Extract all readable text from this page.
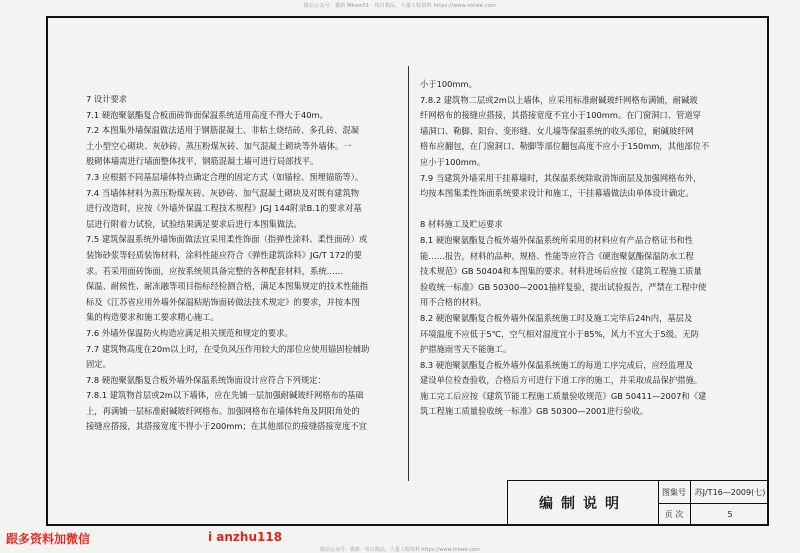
微信公众号：微新 Mkwe01 · 每日精品，大量工程资料 https://www.mkwe.com

7 设计要求

7.1 硬泡聚氨酯复合板面砖饰面保温系统适用高度不得大于40m。

7.2 本图集外墙保温做法适用于钢筋混凝土、非粘土烧结砖、多孔砖、混凝

土小型空心砌块、灰砂砖、蒸压粉煤灰砖、加气混凝土砌块等外墙体。一

般砌体墙需进行墙面整体找平，钢筋混凝土墙可进行局部找平。

7.3 应根据不同基层墙体特点确定合理的固定方式（如锚栓、预埋锚筋等）。

7.4 当墙体材料为蒸压粉煤灰砖、灰砂砖、加气混凝土砌块及对既有建筑物

进行改造时，应按《外墙外保温工程技术规程》JGJ 144附录B.1的要求对基

层进行附着力试验，试验结果满足要求后进行本图集做法。

7.5 建筑保温系统外墙饰面做法宜采用柔性饰面（指弹性涂料、柔性面砖）或

装饰砂浆等轻质装饰材料，涂料性能应符合《弹性建筑涂料》JG/T 172的要

求。若采用面砖饰面，应按系统须具备完整的各种配套材料，系统……

保温、耐候性、耐冻融等项目指标经检测合格，满足本图集规定的技术性能指

标及《江苏省应用外墙外保温粘贴饰面砖做法技术规定》的要求，并按本图

集的构造要求和施工要求精心施工。

7.6 外墙外保温防火构造应满足相关规范和规定的要求。

7.7 建筑物高度在20m以上时，在受负风压作用较大的部位应使用锚固栓辅助

固定。

7.8 硬泡聚氨酯复合板外墙外保温系统饰面设计应符合下列规定：

7.8.1 建筑物首层或2m以下墙体，应在先铺一层加强耐碱玻纤网格布的基础

上，再满铺一层标准耐碱玻纤网格布。加强网格布在墙体转角及阴阳角处的

接缝应搭接，其搭接宽度不得小于200mm；在其他部位的接缝搭接宽度不宜

小于100mm。

7.8.2 建筑物二层或2m以上墙体，应采用标准耐碱玻纤网格布满铺，耐碱玻

纤网格布的接缝应搭接，其搭接宽度不宜小于100mm。在门窗洞口、管道穿

墙洞口、勒脚、阳台、变形缝、女儿墙等保温系统的收头部位，耐碱玻纤网

格布应翻包，在门窗洞口、勒脚等部位翻包高度不应小于150mm，其他部位不

应小于100mm。

7.9 当建筑外墙采用干挂幕墙时，其保温系统除取消饰面层及加强网格布外，

均按本图集柔性饰面系统要求设计和施工，干挂幕墙做法由单体设计确定。

8 材料施工及贮运要求

8.1 硬泡聚氨酯复合板外墙外保温系统所采用的材料应有产品合格证书和性

能……报告，材料的品种、规格、性能等应符合《硬泡聚氨酯保温防水工程

技术规范》GB 50404和本图集的要求。材料进场后应按《建筑工程施工质量

验收统一标准》GB 50300—2001抽样复验，提出试验报告，严禁在工程中使

用不合格的材料。

8.2 硬泡聚氨酯复合板外墙外保温系统施工时及施工完毕后24h内，基层及

环境温度不应低于5℃，空气相对湿度宜小于85%，风力不宜大于5级。无防

护措施雨雪天不能施工。

8.3 硬泡聚氨酯复合板外墙外保温系统施工的每道工序完成后，应经监理及

建设单位检查验收，合格后方可进行下道工序的施工，并采取成品保护措施。

施工完工后应按《建筑节能工程施工质量验收规范》GB 50411—2007和《建

筑工程施工质量验收统一标准》GB 50300—2001进行验收。

编制说明
图集号	苏J/T16—2009(七)
页 次	5
跟多资料加微信	i anzhu118
微信公众号：微新 · 每日精品，大量工程资料 https://www.mkwe.com
